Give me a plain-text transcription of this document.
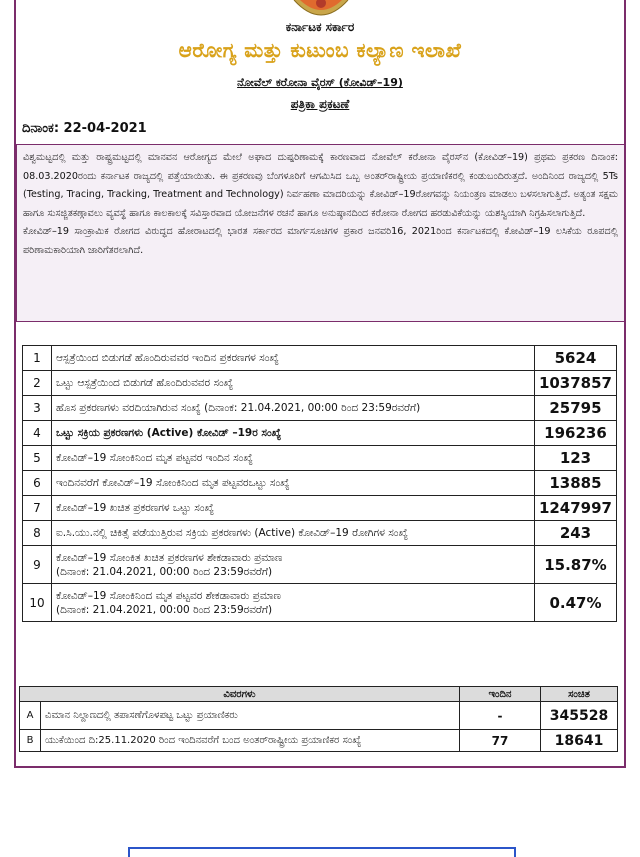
ಕರ್ನಾಟಕ ಸರ್ಕಾರ
ಆರೋಗ್ಯ ಮತ್ತು ಕುಟುಂಬ ಕಲ್ಯಾಣ ಇಲಾಖೆ
ನೋವೆಲ್ ಕರೋನಾ ವೈರಸ್ (ಕೋವಿಡ್–19)
ಪತ್ರಿಕಾ ಪ್ರಕಟಣೆ
ದಿನಾಂಕ: 22-04-2021

ವಿಶ್ವಮಟ್ಟದಲ್ಲಿ ಮತ್ತು ರಾಷ್ಟ್ರಮಟ್ಟದಲ್ಲಿ ಮಾನವನ ಆರೋಗ್ಯದ ಮೇಲೆ ಅಘಾದ ದುಷ್ಪರಿಣಾಮಕ್ಕೆ ಕಾರಣವಾದ ನೋವೆಲ್ ಕರೋನಾ ವೈರಸ್‌ನ (ಕೋವಿಡ್–19) ಪ್ರಥಮ ಪ್ರಕರಣ ದಿನಾಂಕ: 08.03.2020ರಂದು ಕರ್ನಾಟಕ ರಾಜ್ಯದಲ್ಲಿ ಪತ್ತೆಯಾಯಿತು. ಈ ಪ್ರಕರಣವು ಬೆಂಗಳೂರಿಗೆ ಆಗಮಿಸಿದ ಒಬ್ಬ ಅಂತರ್‌ರಾಷ್ಟ್ರೀಯ ಪ್ರಯಾಣಿಕರಲ್ಲಿ ಕಂಡುಬಂದಿರುತ್ತದೆ. ಅಂದಿನಿಂದ ರಾಜ್ಯದಲ್ಲಿ 5Ts (Testing, Tracing, Tracking, Treatment and Technology) ನಿರ್ವಹಣಾ ಮಾದರಿಯನ್ನು ಕೋವಿಡ್–19ರೋಗವನ್ನು ನಿಯಂತ್ರಣ ಮಾಡಲು ಬಳಸಲಾಗುತ್ತಿದೆ. ಅತ್ಯಂತ ಸಕ್ಷಮ ಹಾಗೂ ಸುಸಜ್ಜಿತಕಣ್ಗಾವಲು ವ್ಯವಸ್ಥೆ ಹಾಗೂ ಕಾಲಕಾಲಕ್ಕೆ ಸವಿಸ್ತಾರವಾದ ಯೋಜನೆಗಳ ರಚನೆ ಹಾಗೂ ಅನುಷ್ಠಾನದಿಂದ ಕರೋನಾ ರೋಗದ ಹರಡುವಿಕೆಯನ್ನು ಯಶಸ್ವಿಯಾಗಿ ನಿಗ್ರಹಿಸಲಾಗುತ್ತಿದೆ.

ಕೋವಿಡ್–19 ಸಾಂಕ್ರಾಮಿಕ ರೋಗದ ವಿರುದ್ಧದ ಹೋರಾಟದಲ್ಲಿ ಭಾರತ ಸರ್ಕಾರದ ಮಾರ್ಗಸೂಚಿಗಳ ಪ್ರಕಾರ ಜನವರಿ16, 2021ರಿಂದ ಕರ್ನಾಟಕದಲ್ಲಿ ಕೋವಿಡ್–19 ಲಸಿಕೆಯ ರೂಪದಲ್ಲಿ ಪರಿಣಾಮಕಾರಿಯಾಗಿ ಜಾರಿಗೆತರಲಾಗಿದೆ.

1	ಆಸ್ಪತ್ರೆಯಿಂದ ಬಿಡುಗಡೆ ಹೊಂದಿರುವವರ ಇಂದಿನ ಪ್ರಕರಣಗಳ ಸಂಖ್ಯೆ	5624
2	ಒಟ್ಟು ಆಸ್ಪತ್ರೆಯಿಂದ ಬಿಡುಗಡೆ ಹೊಂದಿರುವವರ ಸಂಖ್ಯೆ	1037857
3	ಹೊಸ ಪ್ರಕರಣಗಳು ವರದಿಯಾಗಿರುವ ಸಂಖ್ಯೆ (ದಿನಾಂಕ: 21.04.2021, 00:00 ರಿಂದ 23:59ರವರೆಗೆ)	25795
4	ಒಟ್ಟು ಸಕ್ರಿಯ ಪ್ರಕರಣಗಳು (Active) ಕೋವಿಡ್ –19ರ ಸಂಖ್ಯೆ	196236
5	ಕೋವಿಡ್–19 ಸೋಂಕಿನಿಂದ ಮೃತ ಪಟ್ಟವರ ಇಂದಿನ ಸಂಖ್ಯೆ	123
6	ಇಂದಿನವರೆಗೆ ಕೋವಿಡ್–19 ಸೋಂಕಿನಿಂದ ಮೃತ ಪಟ್ಟವರಒಟ್ಟು ಸಂಖ್ಯೆ	13885
7	ಕೋವಿಡ್–19 ಖಚಿತ ಪ್ರಕರಣಗಳ ಒಟ್ಟು ಸಂಖ್ಯೆ	1247997
8	ಐ.ಸಿ.ಯು.ನಲ್ಲಿ ಚಿಕಿತ್ಸೆ ಪಡೆಯುತ್ತಿರುವ ಸಕ್ರಿಯ ಪ್ರಕರಣಗಳು (Active) ಕೋವಿಡ್–19 ರೋಗಿಗಳ ಸಂಖ್ಯೆ	243
9	ಕೋವಿಡ್–19 ಸೋಂಕಿತ ಖಚಿತ ಪ್ರಕರಣಗಳ ಶೇಕಡಾವಾರು ಪ್ರಮಾಣ
(ದಿನಾಂಕ: 21.04.2021, 00:00 ರಿಂದ 23:59ರವರೆಗೆ)	15.87%
10	ಕೋವಿಡ್–19 ಸೋಂಕಿನಿಂದ ಮೃತ ಪಟ್ಟವರ ಶೇಕಡಾವಾರು ಪ್ರಮಾಣ
(ದಿನಾಂಕ: 21.04.2021, 00:00 ರಿಂದ 23:59ರವರೆಗೆ)	0.47%
ವಿವರಗಳು		ಇಂದಿನ	ಸಂಚಿತ
A	ವಿಮಾನ ನಿಲ್ದಾಣದಲ್ಲಿ ತಪಾಸಣೆಗೊಳಪಟ್ಟ ಒಟ್ಟು ಪ್ರಯಾಣಿಕರು	-	345528
B	ಯುಕೆಯಿಂದ ದಿ:25.11.2020 ರಿಂದ ಇಂದಿನವರೆಗೆ ಬಂದ ಅಂತರ್‌ರಾಷ್ಟ್ರೀಯ ಪ್ರಯಾಣಿಕರ ಸಂಖ್ಯೆ	77	18641
